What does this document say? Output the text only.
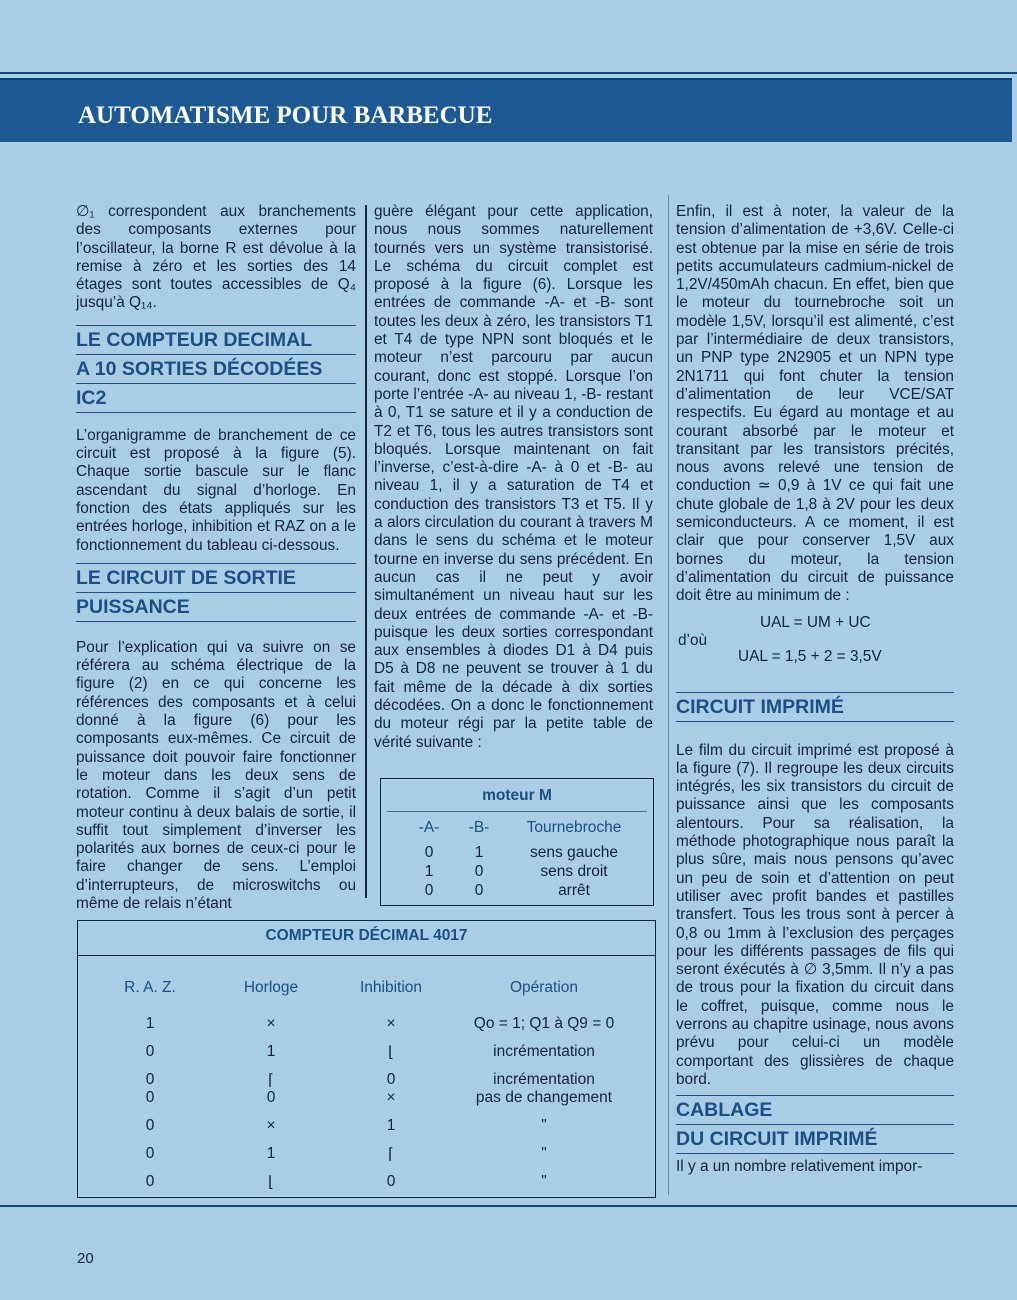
AUTOMATISME POUR BARBECUE

∅₁ correspondent aux branchements des composants externes pour l’oscillateur, la borne R est dévolue à la remise à zéro et les sorties des 14 étages sont toutes accessibles de Q₄ jusqu’à Q₁₄.

LE COMPTEUR DECIMAL
A 10 SORTIES DÉCODÉES
IC2

L’organigramme de branchement de ce circuit est proposé à la figure (5). Chaque sortie bascule sur le flanc ascendant du signal d’horloge. En fonction des états appliqués sur les entrées horloge, inhibition et RAZ on a le fonctionnement du tableau ci-dessous.

LE CIRCUIT DE SORTIE
PUISSANCE

Pour l’explication qui va suivre on se référera au schéma électrique de la figure (2) en ce qui concerne les références des composants et à celui donné à la figure (6) pour les composants eux-mêmes. Ce circuit de puissance doit pouvoir faire fonctionner le moteur dans les deux sens de rotation. Comme il s’agit d’un petit moteur continu à deux balais de sortie, il suffit tout simplement d’inverser les polarités aux bornes de ceux-ci pour le faire changer de sens. L’emploi d’interrupteurs, de microswitchs ou même de relais n’étant

guère élégant pour cette application, nous nous sommes naturellement tournés vers un système transistorisé. Le schéma du circuit complet est proposé à la figure (6). Lorsque les entrées de commande -A- et -B- sont toutes les deux à zéro, les transistors T1 et T4 de type NPN sont bloqués et le moteur n’est parcouru par aucun courant, donc est stoppé. Lorsque l’on porte l’entrée -A- au niveau 1, -B- restant à 0, T1 se sature et il y a conduction de T2 et T6, tous les autres transistors sont bloqués. Lorsque maintenant on fait l’inverse, c’est-à-dire -A- à 0 et -B- au niveau 1, il y a saturation de T4 et conduction des transistors T3 et T5. Il y a alors circulation du courant à travers M dans le sens du schéma et le moteur tourne en inverse du sens précédent. En aucun cas il ne peut y avoir simultanément un niveau haut sur les deux entrées de commande -A- et -B- puisque les deux sorties correspondant aux ensembles à diodes D1 à D4 puis D5 à D8 ne peuvent se trouver à 1 du fait même de la décade à dix sorties décodées. On a donc le fonctionnement du moteur régi par la petite table de vérité suivante :

moteur M
-A-	-B-	Tournebroche
0	1	sens gauche
1	0	sens droit
0	0	arrêt
COMPTEUR DÉCIMAL 4017
R. A. Z.	Horloge	Inhibition	Opération
1	×	×	Qo = 1; Q1 à Q9 = 0
0	1	⌊	incrémentation
0	⌈	0	incrémentation
0	0	×	pas de changement
0	×	1	"
0	1	⌈	"
0	⌊	0	"

Enfin, il est à noter, la valeur de la tension d’alimentation de +3,6V. Celle-ci est obtenue par la mise en série de trois petits accumulateurs cadmium-nickel de 1,2V/450mAh chacun. En effet, bien que le moteur du tournebroche soit un modèle 1,5V, lorsqu’il est alimenté, c’est par l’intermédiaire de deux transistors, un PNP type 2N2905 et un NPN type 2N1711 qui font chuter la tension d’alimentation de leur VCE/SAT respectifs. Eu égard au montage et au courant absorbé par le moteur et transitant par les transistors précités, nous avons relevé une tension de conduction ≃ 0,9 à 1V ce qui fait une chute globale de 1,8 à 2V pour les deux semiconducteurs. A ce moment, il est clair que pour conserver 1,5V aux bornes du moteur, la tension d’alimentation du circuit de puissance doit être au minimum de :

UAL = UM + UC
d’où
UAL = 1,5 + 2 = 3,5V
CIRCUIT IMPRIMÉ

Le film du circuit imprimé est proposé à la figure (7). Il regroupe les deux circuits intégrés, les six transistors du circuit de puissance ainsi que les composants alentours. Pour sa réalisation, la méthode photographique nous paraît la plus sûre, mais nous pensons qu’avec un peu de soin et d’attention on peut utiliser avec profit bandes et pastilles transfert. Tous les trous sont à percer à 0,8 ou 1mm à l’exclusion des perçages pour les différents passages de fils qui seront éxécutés à ∅ 3,5mm. Il n’y a pas de trous pour la fixation du circuit dans le coffret, puisque, comme nous le verrons au chapitre usinage, nous avons prévu pour celui-ci un modèle comportant des glissières de chaque bord.

CABLAGE
DU CIRCUIT IMPRIMÉ

Il y a un nombre relativement impor-

20
